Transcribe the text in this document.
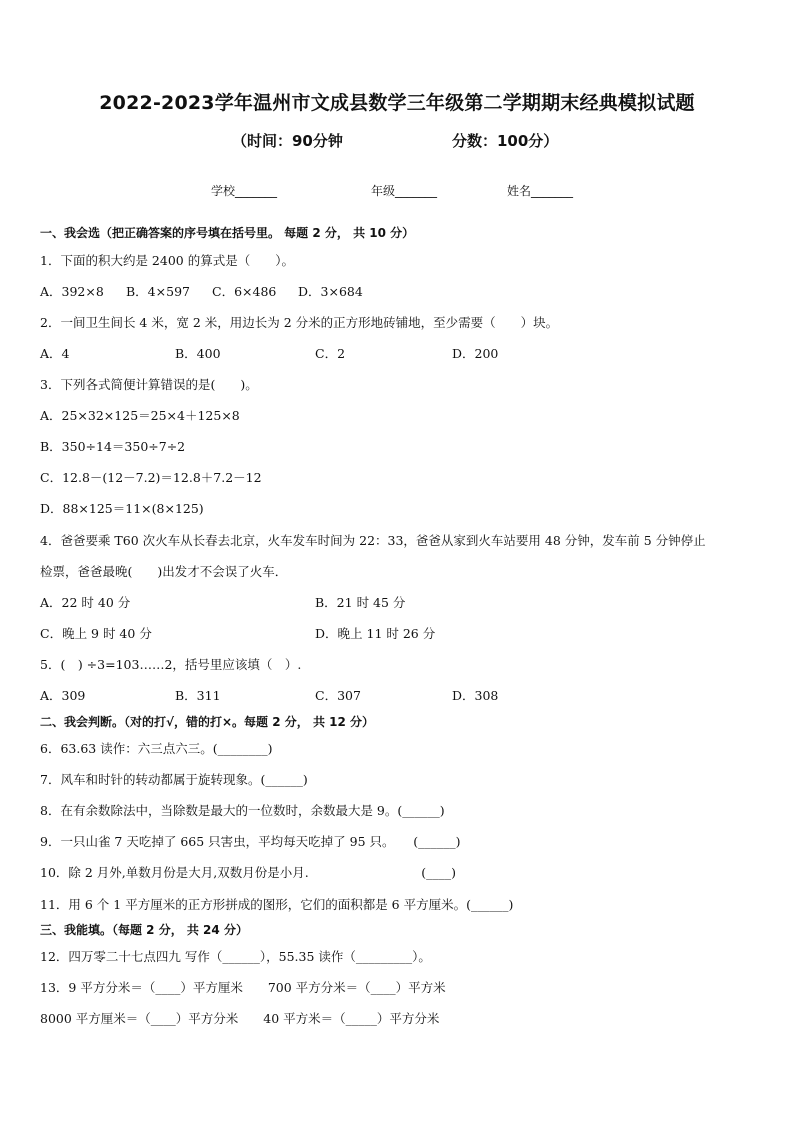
2022-2023学年温州市文成县数学三年级第二学期期末经典模拟试题
（时间：90分钟	分数：100分）
学校_______	年级_______	姓名_______
一、我会选（把正确答案的序号填在括号里。 每题 2 分， 共 10 分）
1．下面的积大约是 2400 的算式是（　　）。
A．392×8 B．4×597 C．6×486 D．3×684
2．一间卫生间长 4 米，宽 2 米，用边长为 2 分米的正方形地砖铺地，至少需要（　　）块。
A．4	B．400	C．2	D．200
3．下列各式简便计算错误的是(　　)。
A．25×32×125＝25×4＋125×8
B．350÷14＝350÷7÷2
C．12.8－(12－7.2)＝12.8＋7.2－12
D．88×125＝11×(8×125)
4．爸爸要乘 T60 次火车从长春去北京，火车发车时间为 22：33，爸爸从家到火车站要用 48 分钟，发车前 5 分钟停止
检票，爸爸最晚(　　)出发才不会误了火车．
A．22 时 40 分	B．21 时 45 分
C．晚上 9 时 40 分	D．晚上 11 时 26 分
5．(　) ÷3=103……2，括号里应该填（　）.
A．309	B．311	C．307	D．308
二、我会判断。（对的打√，错的打×。每题 2 分， 共 12 分）
6．63.63 读作：六三点六三。(________)
7．风车和时针的转动都属于旋转现象。(______)
8．在有余数除法中，当除数是最大的一位数时，余数最大是 9。(______)
9．一只山雀 7 天吃掉了 665 只害虫，平均每天吃掉了 95 只。　　(______)
10．除 2 月外,单数月份是大月,双数月份是小月.　　　　　　　　　(____)
11．用 6 个 1 平方厘米的正方形拼成的图形，它们的面积都是 6 平方厘米。(______)
三、我能填。（每题 2 分， 共 24 分）
12．四万零二十七点四九 写作（______），55.35 读作（_________）。
13．9 平方分米＝（____）平方厘米　　700 平方分米＝（____）平方米
8000 平方厘米＝（____）平方分米　　40 平方米＝（_____）平方分米
